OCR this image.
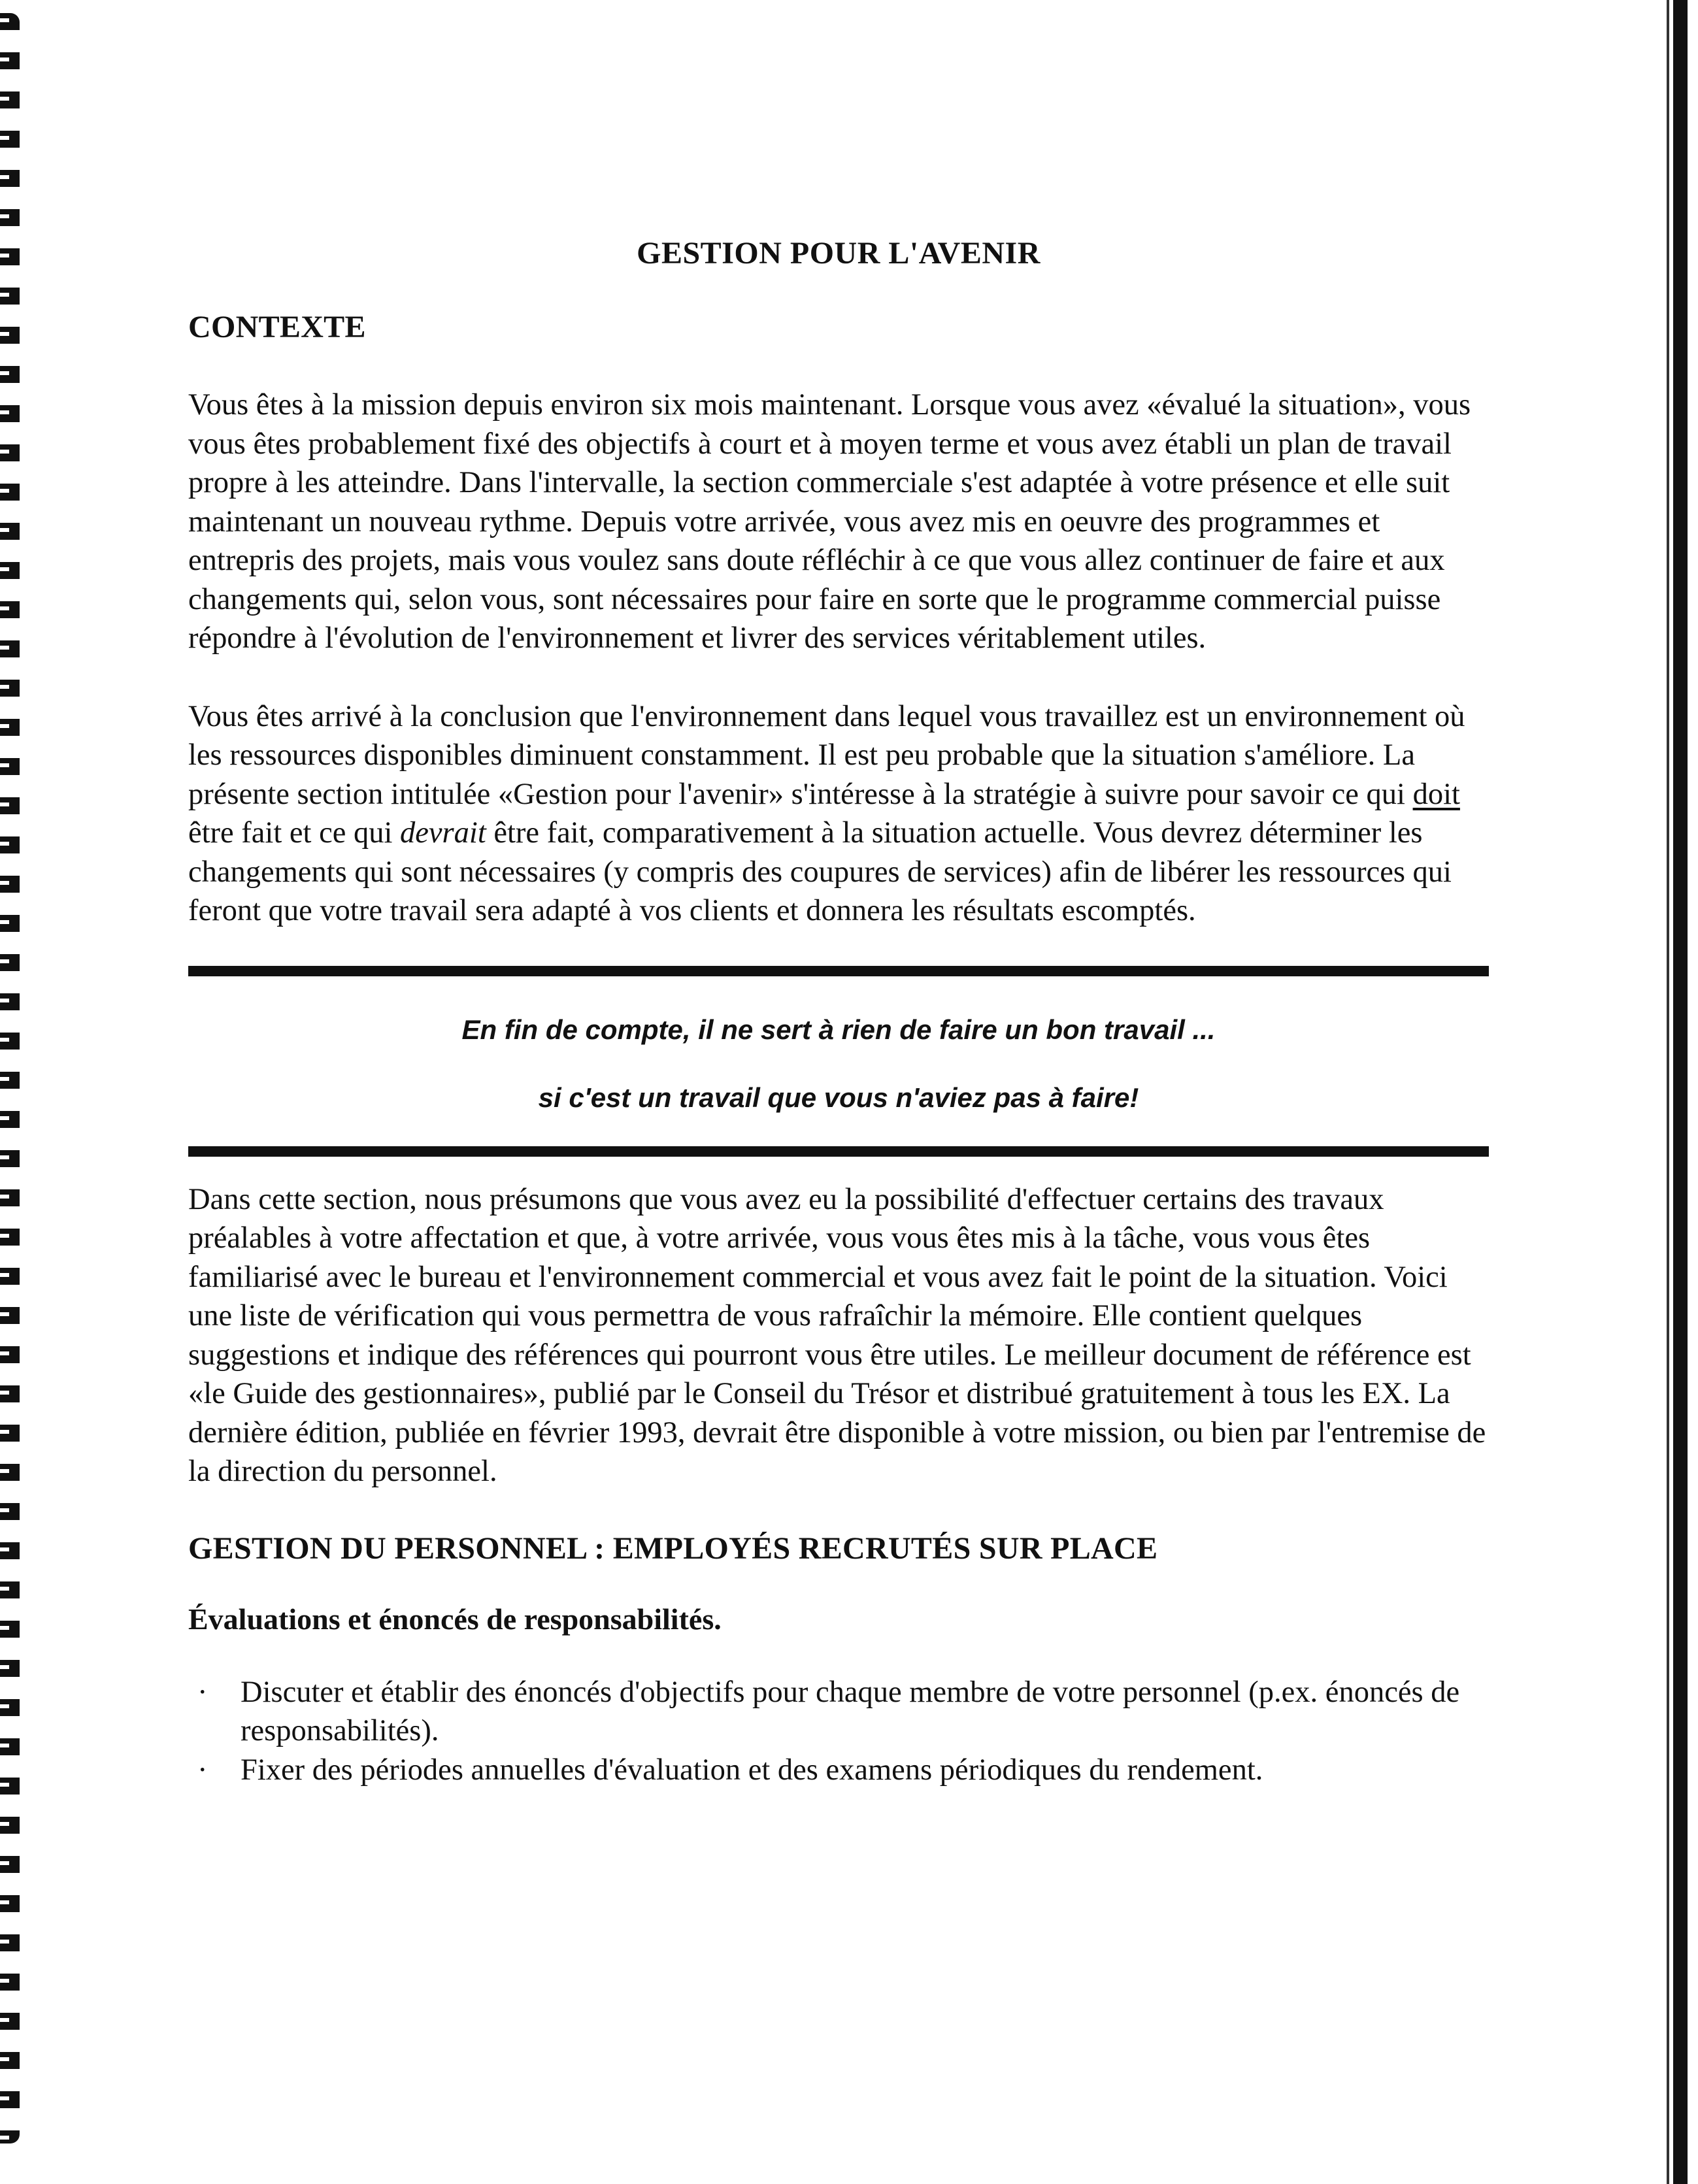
GESTION POUR L'AVENIR
CONTEXTE

Vous êtes à la mission depuis environ six mois maintenant. Lorsque vous avez «évalué la situation», vous vous êtes probablement fixé des objectifs à court et à moyen terme et vous avez établi un plan de travail propre à les atteindre. Dans l'intervalle, la section commerciale s'est adaptée à votre présence et elle suit maintenant un nouveau rythme. Depuis votre arrivée, vous avez mis en oeuvre des programmes et entrepris des projets, mais vous voulez sans doute réfléchir à ce que vous allez continuer de faire et aux changements qui, selon vous, sont nécessaires pour faire en sorte que le programme commercial puisse répondre à l'évolution de l'environnement et livrer des services véritablement utiles.

Vous êtes arrivé à la conclusion que l'environnement dans lequel vous travaillez est un environnement où les ressources disponibles diminuent constamment. Il est peu probable que la situation s'améliore. La présente section intitulée «Gestion pour l'avenir» s'intéresse à la stratégie à suivre pour savoir ce qui doit être fait et ce qui devrait être fait, comparativement à la situation actuelle. Vous devrez déterminer les changements qui sont nécessaires (y compris des coupures de services) afin de libérer les ressources qui feront que votre travail sera adapté à vos clients et donnera les résultats escomptés.

En fin de compte, il ne sert à rien de faire un bon travail ...

si c'est un travail que vous n'aviez pas à faire!

Dans cette section, nous présumons que vous avez eu la possibilité d'effectuer certains des travaux préalables à votre affectation et que, à votre arrivée, vous vous êtes mis à la tâche, vous vous êtes familiarisé avec le bureau et l'environnement commercial et vous avez fait le point de la situation. Voici une liste de vérification qui vous permettra de vous rafraîchir la mémoire. Elle contient quelques suggestions et indique des références qui pourront vous être utiles. Le meilleur document de référence est «le Guide des gestionnaires», publié par le Conseil du Trésor et distribué gratuitement à tous les EX. La dernière édition, publiée en février 1993, devrait être disponible à votre mission, ou bien par l'entremise de la direction du personnel.

GESTION DU PERSONNEL : EMPLOYÉS RECRUTÉS SUR PLACE
Évaluations et énoncés de responsabilités.
· Discuter et établir des énoncés d'objectifs pour chaque membre de votre personnel (p.ex. énoncés de responsabilités).
· Fixer des périodes annuelles d'évaluation et des examens périodiques du rendement.
